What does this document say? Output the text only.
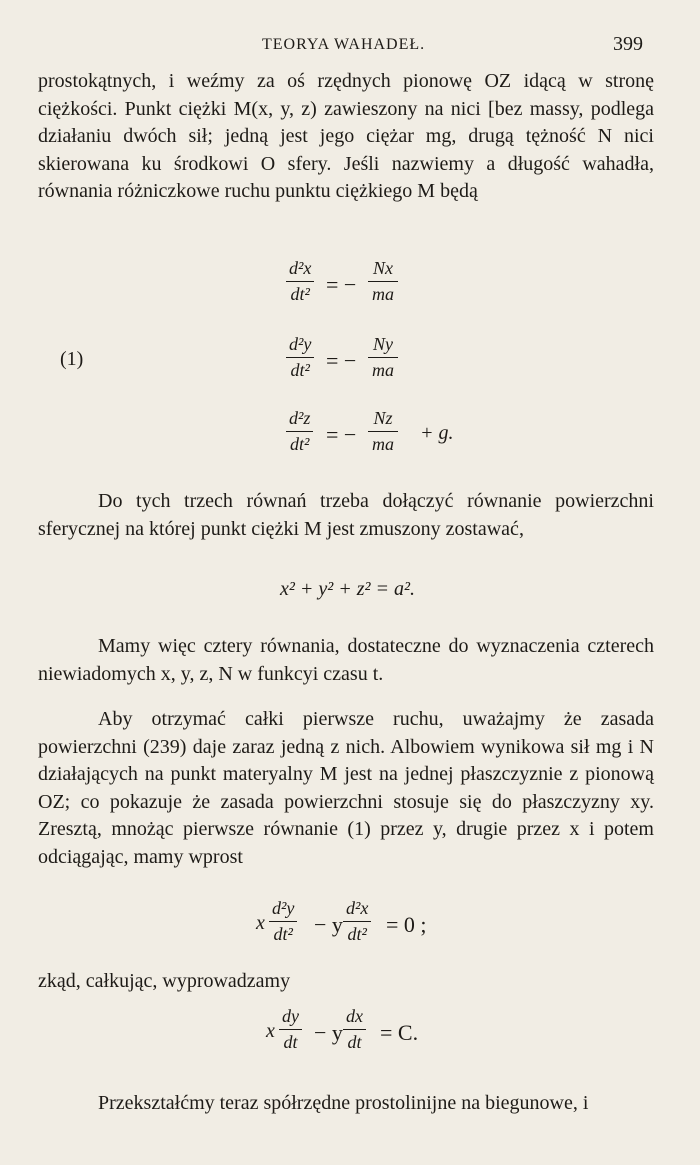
TEORYA WAHADEŁ.	399

prostokątnych, i weźmy za oś rzędnych pionowę OZ idącą w stronę ciężkości. Punkt ciężki M(x, y, z) zawieszony na nici [bez massy, podlega działaniu dwóch sił; jedną jest jego ciężar mg, drugą tężność N nici skierowana ku środkowi O sfery. Jeśli nazwiemy a długość wahadła, równania różniczkowe ruchu punktu ciężkiego M będą

$\frac{\text{d²x}}{\text{dt²}}$ = − $\frac{Nx}{ma}$
(1)	$\frac{\text{d²y}}{\text{dt²}}$ = − $\frac{Ny}{ma}$
$\frac{\text{d²z}}{\text{dt²}}$ = − $\frac{Nz}{ma} + g$.

Do tych trzech równań trzeba dołączyć równanie powierzchni sferycznej na której punkt ciężki M jest zmuszony zostawać,

x² + y² + z² = a².

Mamy więc cztery równania, dostateczne do wyznaczenia czterech niewiadomych x, y, z, N w funkcyi czasu t.

Aby otrzymać całki pierwsze ruchu, uważajmy że zasada powierzchni (239) daje zaraz jedną z nich. Albowiem wynikowa sił mg i N działających na punkt materyalny M jest na jednej płaszczyznie z pionową OZ; co pokazuje że zasada powierzchni stosuje się do płaszczyzny xy. Zresztą, mnożąc pierwsze równanie (1) przez y, drugie przez x i potem odciągając, mamy wprost

x $\frac{\text{d²y}}{\text{dt²}} - y \frac{\text{d²x}}{\text{dt²}} = 0$ ;
zkąd, całkując, wyprowadzamy
x $\frac{dy}{dt} - y \frac{dx}{dt} = C$.
Przekształćmy teraz spółrzędne prostolinijne na biegunowe, i
